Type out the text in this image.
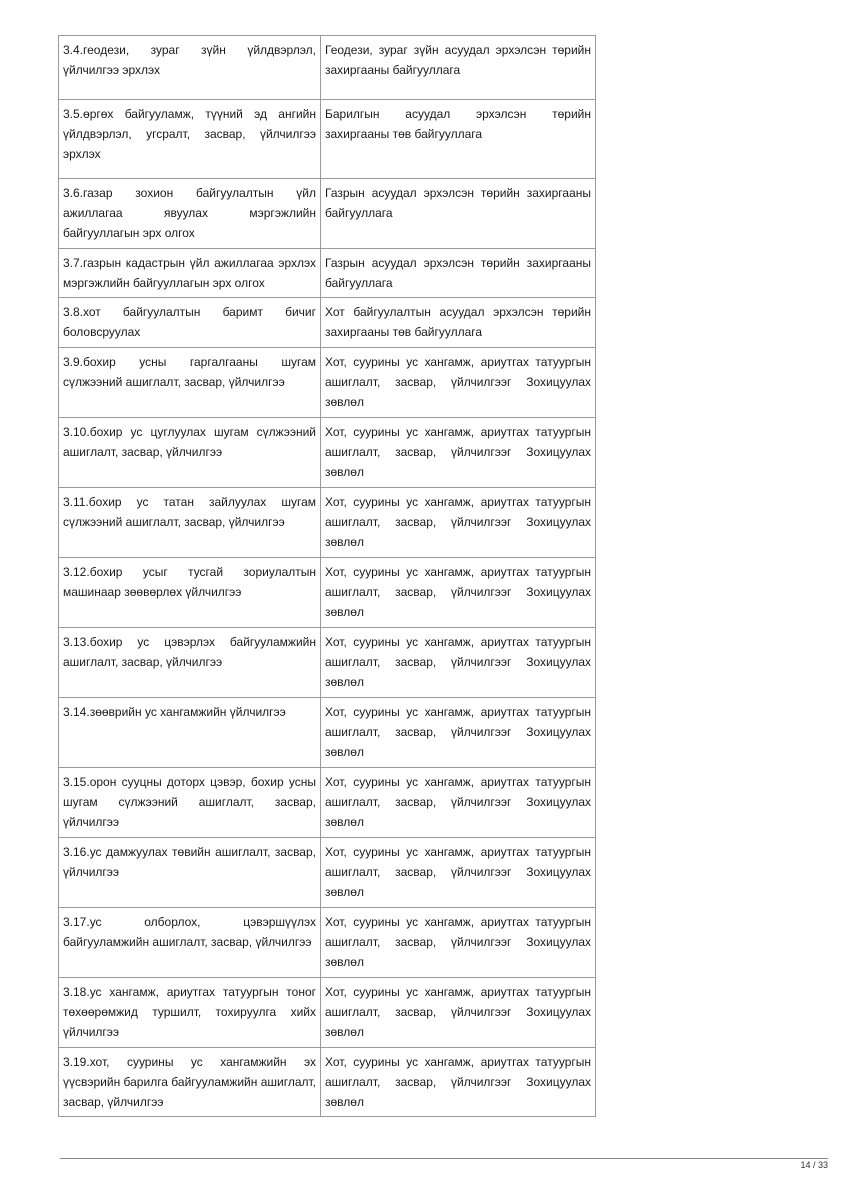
3.4.геодези, зураг зүйн үйлдвэрлэл, үйлчилгээ эрхлэх	Геодези, зураг зүйн асуудал эрхэлсэн төрийн захиргааны байгууллага
3.5.өргөх байгууламж, түүний эд ангийн үйлдвэрлэл, угсралт, засвар, үйлчилгээ эрхлэх	Барилгын асуудал эрхэлсэн төрийн захиргааны төв байгууллага
3.6.газар зохион байгуулалтын үйл ажиллагаа явуулах мэргэжлийн байгууллагын эрх олгох	Газрын асуудал эрхэлсэн төрийн захиргааны байгууллага
3.7.газрын кадастрын үйл ажиллагаа эрхлэх мэргэжлийн байгууллагын эрх олгох	Газрын асуудал эрхэлсэн төрийн захиргааны байгууллага
3.8.хот байгуулалтын баримт бичиг боловсруулах	Хот байгуулалтын асуудал эрхэлсэн төрийн захиргааны төв байгууллага
3.9.бохир усны гаргалгааны шугам сүлжээний ашиглалт, засвар, үйлчилгээ	Хот, суурины ус хангамж, ариутгах татуургын ашиглалт, засвар, үйлчилгээг Зохицуулах зөвлөл
3.10.бохир ус цуглуулах шугам сүлжээний ашиглалт, засвар, үйлчилгээ	Хот, суурины ус хангамж, ариутгах татуургын ашиглалт, засвар, үйлчилгээг Зохицуулах зөвлөл
3.11.бохир ус татан зайлуулах шугам сүлжээний ашиглалт, засвар, үйлчилгээ	Хот, суурины ус хангамж, ариутгах татуургын ашиглалт, засвар, үйлчилгээг Зохицуулах зөвлөл
3.12.бохир усыг тусгай зориулалтын машинаар зөөвөрлөх үйлчилгээ	Хот, суурины ус хангамж, ариутгах татуургын ашиглалт, засвар, үйлчилгээг Зохицуулах зөвлөл
3.13.бохир ус цэвэрлэх байгууламжийн ашиглалт, засвар, үйлчилгээ	Хот, суурины ус хангамж, ариутгах татуургын ашиглалт, засвар, үйлчилгээг Зохицуулах зөвлөл
3.14.зөөврийн ус хангамжийн үйлчилгээ	Хот, суурины ус хангамж, ариутгах татуургын ашиглалт, засвар, үйлчилгээг Зохицуулах зөвлөл
3.15.орон сууцны доторх цэвэр, бохир усны шугам сүлжээний ашиглалт, засвар, үйлчилгээ	Хот, суурины ус хангамж, ариутгах татуургын ашиглалт, засвар, үйлчилгээг Зохицуулах зөвлөл
3.16.ус дамжуулах төвийн ашиглалт, засвар, үйлчилгээ	Хот, суурины ус хангамж, ариутгах татуургын ашиглалт, засвар, үйлчилгээг Зохицуулах зөвлөл
3.17.ус олборлох, цэвэршүүлэх байгууламжийн ашиглалт, засвар, үйлчилгээ	Хот, суурины ус хангамж, ариутгах татуургын ашиглалт, засвар, үйлчилгээг Зохицуулах зөвлөл
3.18.ус хангамж, ариутгах татуургын тоног төхөөрөмжид туршилт, тохируулга хийх үйлчилгээ	Хот, суурины ус хангамж, ариутгах татуургын ашиглалт, засвар, үйлчилгээг Зохицуулах зөвлөл
3.19.хот, суурины ус хангамжийн эх үүсвэрийн барилга байгууламжийн ашиглалт, засвар, үйлчилгээ	Хот, суурины ус хангамж, ариутгах татуургын ашиглалт, засвар, үйлчилгээг Зохицуулах зөвлөл
14 / 33
